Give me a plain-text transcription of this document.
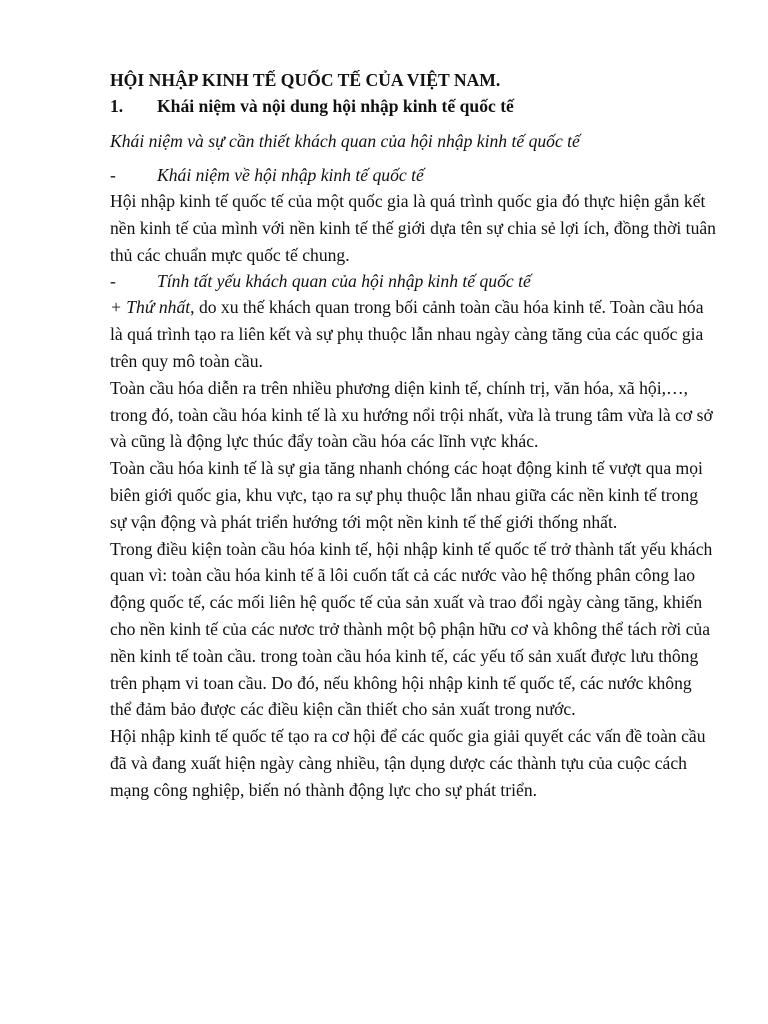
HỘI NHẬP KINH TẾ QUỐC TẾ CỦA VIỆT NAM.

1. Khái niệm và nội dung hội nhập kinh tế quốc tế

Khái niệm và sự cần thiết khách quan của hội nhập kinh tế quốc tế

- Khái niệm về hội nhập kinh tế quốc tế

Hội nhập kinh tế quốc tế của một quốc gia là quá trình quốc gia đó thực hiện gắn kết nền kinh tế của mình với nền kinh tế thế giới dựa tên sự chia sẻ lợi ích, đồng thời tuân thủ các chuẩn mực quốc tế chung.

- Tính tất yếu khách quan của hội nhập kinh tế quốc tế

+ Thứ nhất, do xu thế khách quan trong bối cảnh toàn cầu hóa kinh tế. Toàn cầu hóa là quá trình tạo ra liên kết và sự phụ thuộc lẫn nhau ngày càng tăng của các quốc gia trên quy mô toàn cầu.

Toàn cầu hóa diễn ra trên nhiều phương diện kinh tế, chính trị, văn hóa, xã hội,…, trong đó, toàn cầu hóa kinh tế là xu hướng nổi trội nhất, vừa là trung tâm vừa là cơ sở và cũng là động lực thúc đẩy toàn cầu hóa các lĩnh vực khác.

Toàn cầu hóa kinh tế là sự gia tăng nhanh chóng các hoạt động kinh tế vượt qua mọi biên giới quốc gia, khu vực, tạo ra sự phụ thuộc lẫn nhau giữa các nền kinh tế trong sự vận động và phát triển hướng tới một nền kinh tế thế giới thống nhất.

Trong điều kiện toàn cầu hóa kinh tế, hội nhập kinh tế quốc tế trở thành tất yếu khách quan vì: toàn cầu hóa kinh tế ã lôi cuốn tất cả các nước vào hệ thống phân công lao động quốc tế, các mối liên hệ quốc tế của sản xuất và trao đổi ngày càng tăng, khiến cho nền kinh tế của các nươc trở thành một bộ phận hữu cơ và không thể tách rời của nền kinh tế toàn cầu. trong toàn cầu hóa kinh tế, các yếu tố sản xuất được lưu thông trên phạm vi toan cầu. Do đó, nếu không hội nhập kinh tế quốc tế, các nước không thể đảm bảo được các điều kiện cần thiết cho sản xuất trong nước.

Hội nhập kinh tế quốc tế tạo ra cơ hội để các quốc gia giải quyết các vấn đề toàn cầu đã và đang xuất hiện ngày càng nhiều, tận dụng dược các thành tựu của cuộc cách mạng công nghiệp, biến nó thành động lực cho sự phát triển.
